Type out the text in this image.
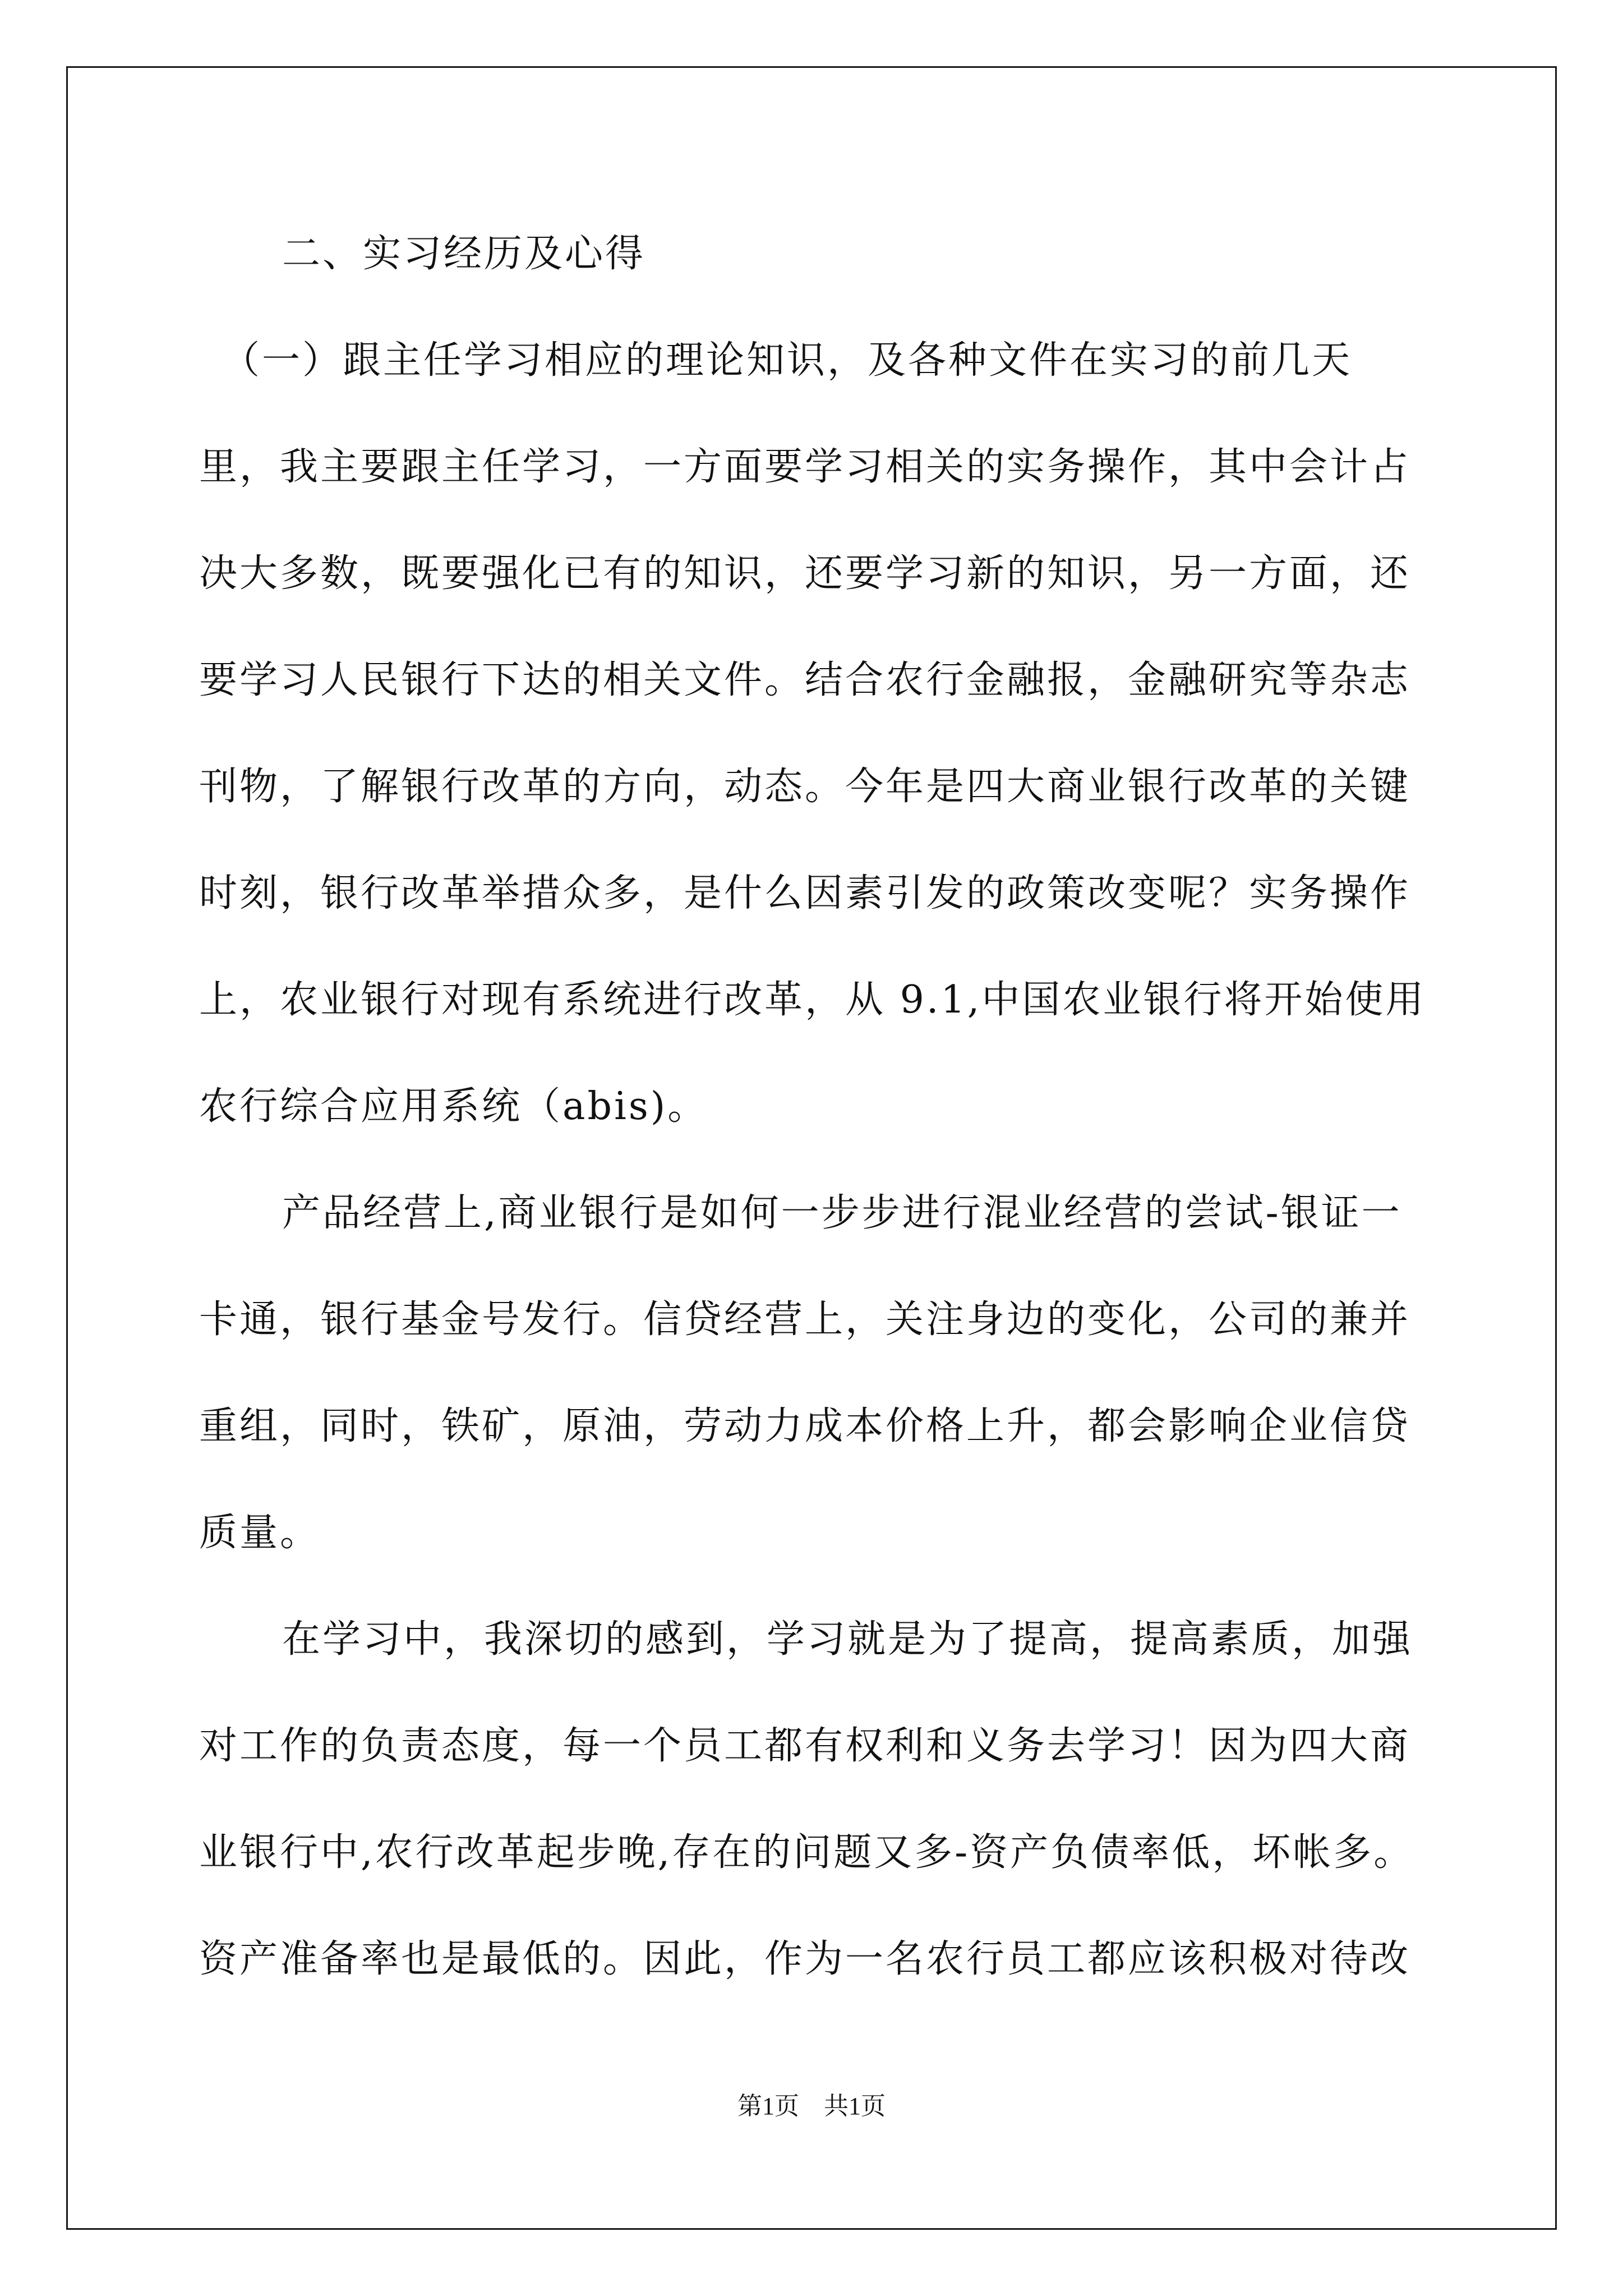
二、实习经历及心得
（一）跟主任学习相应的理论知识，及各种文件在实习的前几天
里，我主要跟主任学习，一方面要学习相关的实务操作，其中会计占
决大多数，既要强化已有的知识，还要学习新的知识，另一方面，还
要学习人民银行下达的相关文件。结合农行金融报，金融研究等杂志
刊物，了解银行改革的方向，动态。今年是四大商业银行改革的关键
时刻，银行改革举措众多，是什么因素引发的政策改变呢？实务操作
上，农业银行对现有系统进行改革，从 9.1,中国农业银行将开始使用
农行综合应用系统（abis)。
产品经营上,商业银行是如何一步步进行混业经营的尝试-银证一
卡通，银行基金号发行。信贷经营上，关注身边的变化，公司的兼并
重组，同时，铁矿，原油，劳动力成本价格上升，都会影响企业信贷
质量。
在学习中，我深切的感到，学习就是为了提高，提高素质，加强
对工作的负责态度，每一个员工都有权利和义务去学习！因为四大商
业银行中,农行改革起步晚,存在的问题又多-资产负债率低，坏帐多。
资产准备率也是最低的。因此，作为一名农行员工都应该积极对待改
第1页　共1页
